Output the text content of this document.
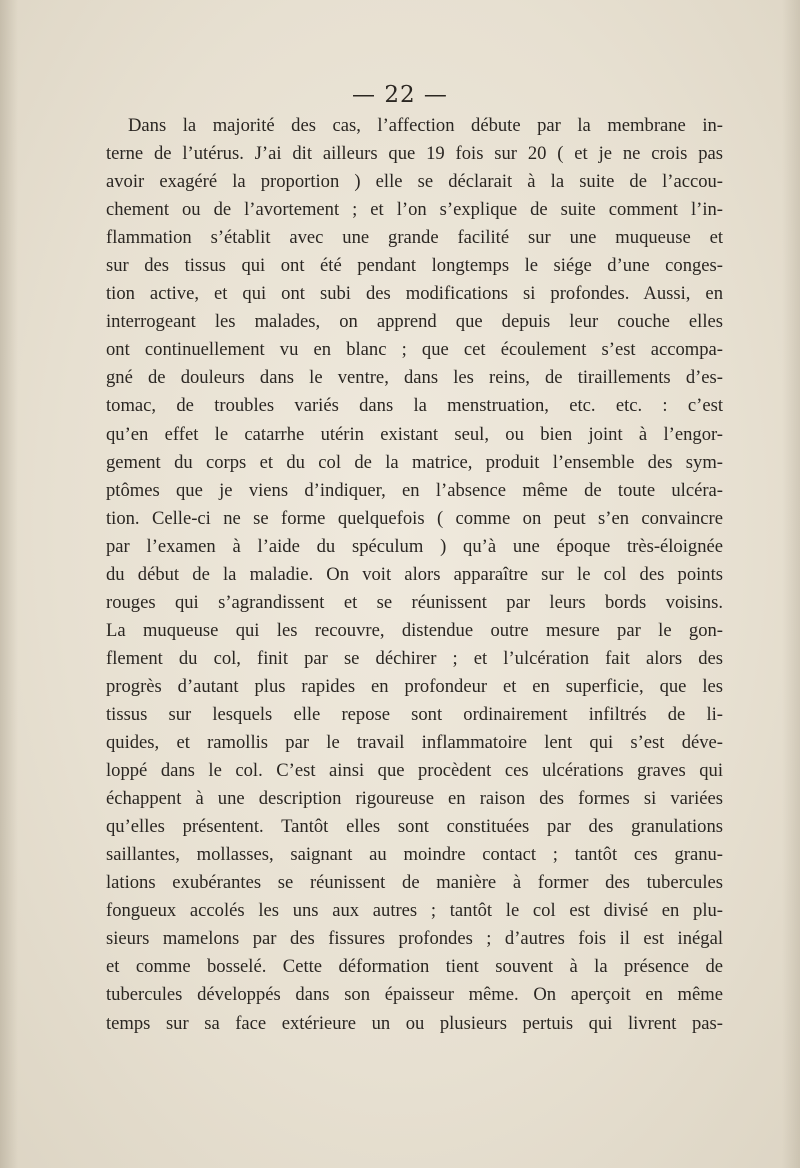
— 22 —
Dans la majorité des cas, l’affection débute par la membrane in-
terne de l’utérus. J’ai dit ailleurs que 19 fois sur 20 ( et je ne crois pas
avoir exagéré la proportion ) elle se déclarait à la suite de l’accou-
chement ou de l’avortement ; et l’on s’explique de suite comment l’in-
flammation s’établit avec une grande facilité sur une muqueuse et
sur des tissus qui ont été pendant longtemps le siége d’une conges-
tion active, et qui ont subi des modifications si profondes. Aussi, en
interrogeant les malades, on apprend que depuis leur couche elles
ont continuellement vu en blanc ; que cet écoulement s’est accompa-
gné de douleurs dans le ventre, dans les reins, de tiraillements d’es-
tomac, de troubles variés dans la menstruation, etc. etc. : c’est
qu’en effet le catarrhe utérin existant seul, ou bien joint à l’engor-
gement du corps et du col de la matrice, produit l’ensemble des sym-
ptômes que je viens d’indiquer, en l’absence même de toute ulcéra-
tion. Celle-ci ne se forme quelquefois ( comme on peut s’en convaincre
par l’examen à l’aide du spéculum ) qu’à une époque très-éloignée
du début de la maladie. On voit alors apparaître sur le col des points
rouges qui s’agrandissent et se réunissent par leurs bords voisins.
La muqueuse qui les recouvre, distendue outre mesure par le gon-
flement du col, finit par se déchirer ; et l’ulcération fait alors des
progrès d’autant plus rapides en profondeur et en superficie, que les
tissus sur lesquels elle repose sont ordinairement infiltrés de li-
quides, et ramollis par le travail inflammatoire lent qui s’est déve-
loppé dans le col. C’est ainsi que procèdent ces ulcérations graves qui
échappent à une description rigoureuse en raison des formes si variées
qu’elles présentent. Tantôt elles sont constituées par des granulations
saillantes, mollasses, saignant au moindre contact ; tantôt ces granu-
lations exubérantes se réunissent de manière à former des tubercules
fongueux accolés les uns aux autres ; tantôt le col est divisé en plu-
sieurs mamelons par des fissures profondes ; d’autres fois il est inégal
et comme bosselé. Cette déformation tient souvent à la présence de
tubercules développés dans son épaisseur même. On aperçoit en même
temps sur sa face extérieure un ou plusieurs pertuis qui livrent pas-
